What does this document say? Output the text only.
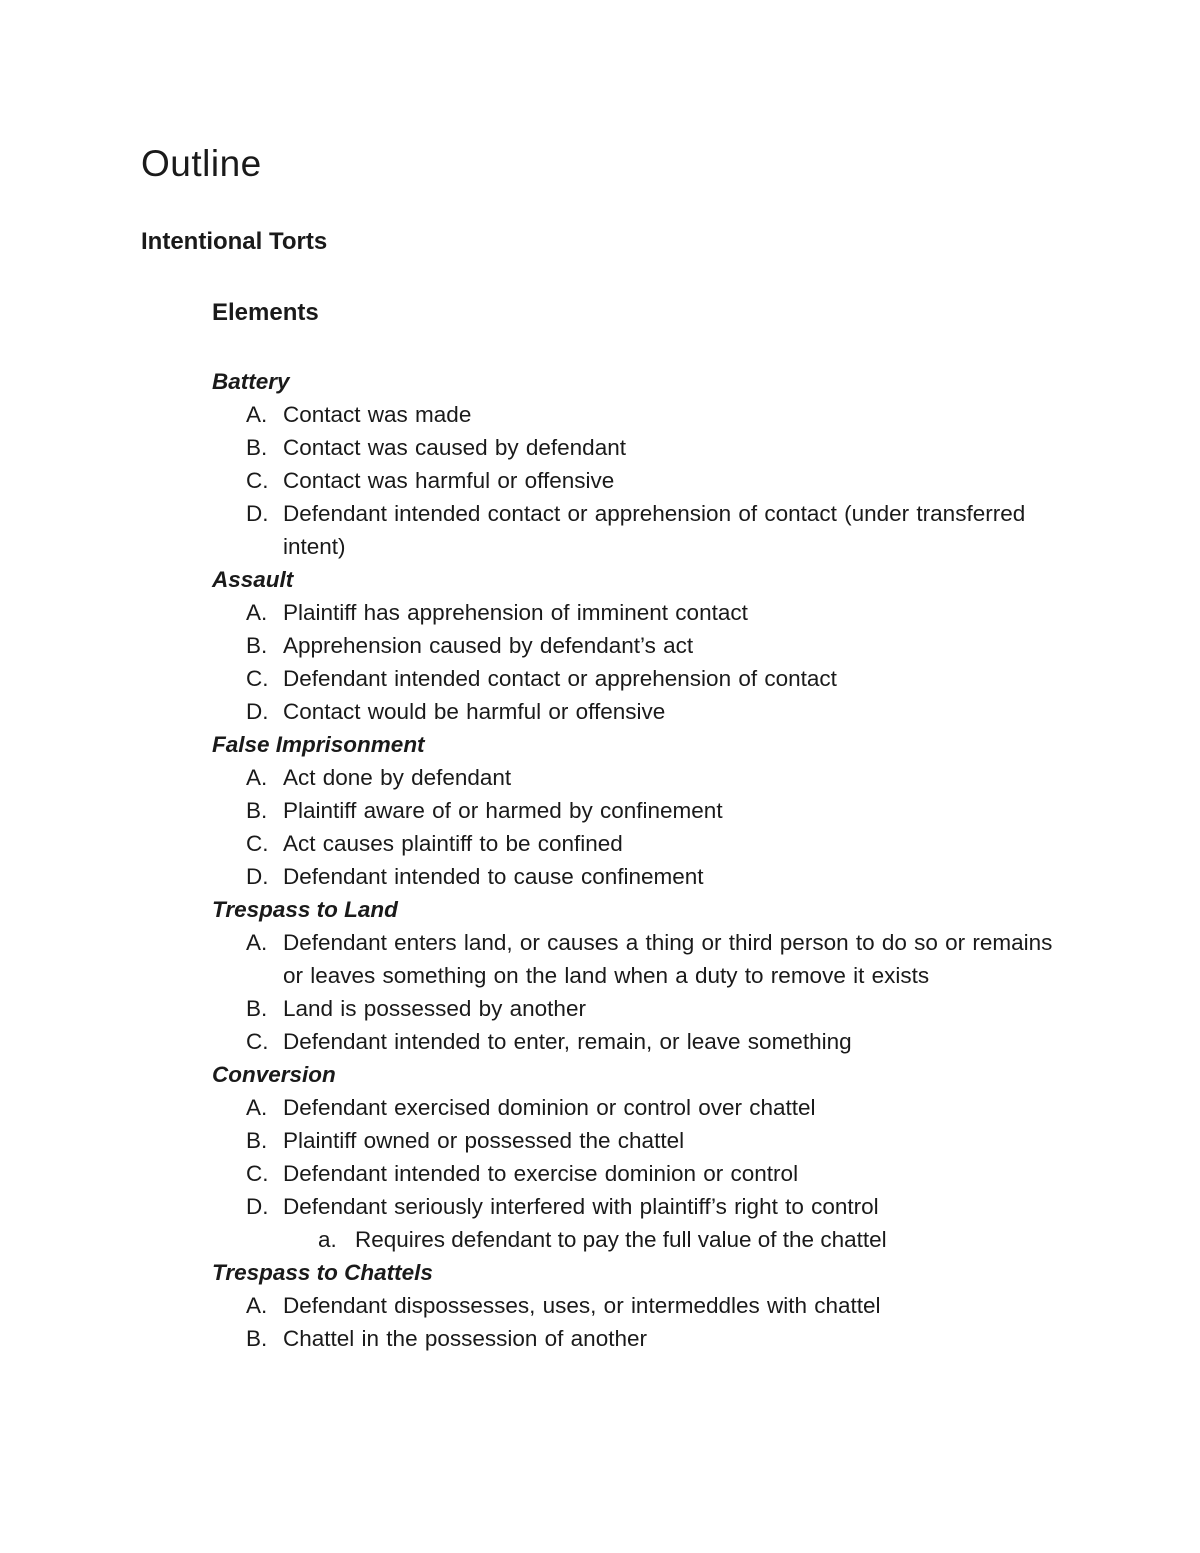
Outline
Intentional Torts
Elements

Battery

A. Contact was made

B. Contact was caused by defendant

C. Contact was harmful or offensive

D. Defendant intended contact or apprehension of contact (under transferred intent)

Assault

A. Plaintiff has apprehension of imminent contact

B. Apprehension caused by defendant’s act

C. Defendant intended contact or apprehension of contact

D. Contact would be harmful or offensive

False Imprisonment

A. Act done by defendant

B. Plaintiff aware of or harmed by confinement

C. Act causes plaintiff to be confined

D. Defendant intended to cause confinement

Trespass to Land

A. Defendant enters land, or causes a thing or third person to do so or remains or leaves something on the land when a duty to remove it exists

B. Land is possessed by another

C. Defendant intended to enter, remain, or leave something

Conversion

A. Defendant exercised dominion or control over chattel

B. Plaintiff owned or possessed the chattel

C. Defendant intended to exercise dominion or control

D. Defendant seriously interfered with plaintiff’s right to control

a. Requires defendant to pay the full value of the chattel

Trespass to Chattels

A. Defendant dispossesses, uses, or intermeddles with chattel

B. Chattel in the possession of another
